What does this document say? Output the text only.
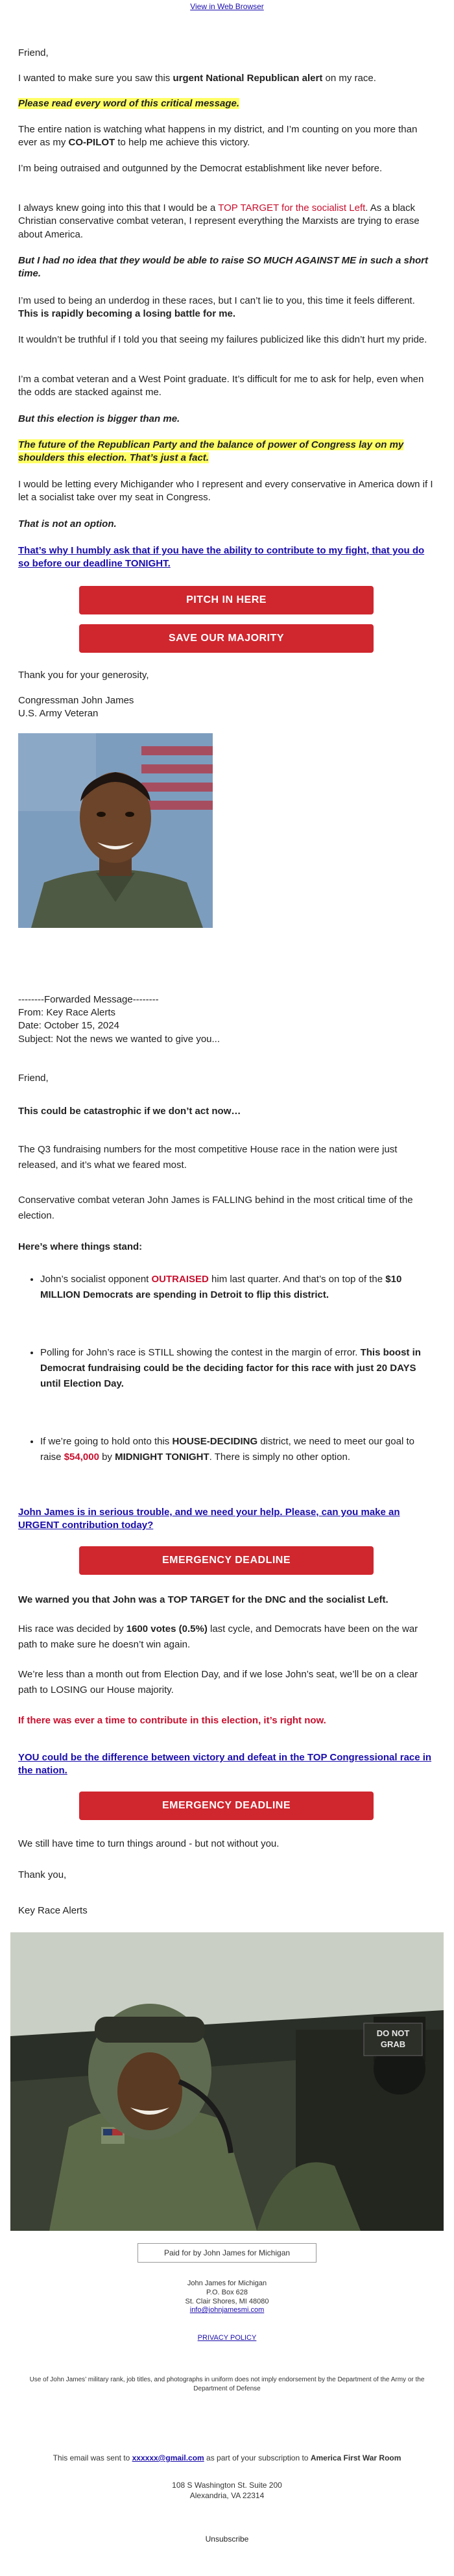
View in Web Browser

Friend,

I wanted to make sure you saw this urgent National Republican alert on my race.

Please read every word of this critical message.

The entire nation is watching what happens in my district, and I’m counting on you more than ever as my CO-PILOT to help me achieve this victory.

I’m being outraised and outgunned by the Democrat establishment like never before.

I always knew going into this that I would be a TOP TARGET for the socialist Left. As a black Christian conservative combat veteran, I represent everything the Marxists are trying to erase about America.

But I had no idea that they would be able to raise SO MUCH AGAINST ME in such a short time.

I’m used to being an underdog in these races, but I can’t lie to you, this time it feels different. This is rapidly becoming a losing battle for me.

It wouldn’t be truthful if I told you that seeing my failures publicized like this didn’t hurt my pride.

I’m a combat veteran and a West Point graduate. It’s difficult for me to ask for help, even when the odds are stacked against me.

But this election is bigger than me.

The future of the Republican Party and the balance of power of Congress lay on my shoulders this election. That’s just a fact.

I would be letting every Michigander who I represent and every conservative in America down if I let a socialist take over my seat in Congress.

That is not an option.

That’s why I humbly ask that if you have the ability to contribute to my fight, that you do so before our deadline TONIGHT.

PITCH IN HERE
SAVE OUR MAJORITY

Thank you for your generosity,

Congressman John James

U.S. Army Veteran

--------Forwarded Message--------

From: Key Race Alerts

Date: October 15, 2024

Subject: Not the news we wanted to give you...

Friend,

This could be catastrophic if we don’t act now…

The Q3 fundraising numbers for the most competitive House race in the nation were just released, and it’s what we feared most.

Conservative combat veteran John James is FALLING behind in the most critical time of the election.

Here’s where things stand:

• John’s socialist opponent OUTRAISED him last quarter. And that’s on top of the $10 MILLION Democrats are spending in Detroit to flip this district.
• Polling for John’s race is STILL showing the contest in the margin of error. This boost in Democrat fundraising could be the deciding factor for this race with just 20 DAYS until Election Day.
• If we’re going to hold onto this HOUSE-DECIDING district, we need to meet our goal to raise $54,000 by MIDNIGHT TONIGHT. There is simply no other option.

John James is in serious trouble, and we need your help. Please, can you make an URGENT contribution today?

EMERGENCY DEADLINE

We warned you that John was a TOP TARGET for the DNC and the socialist Left.

His race was decided by 1600 votes (0.5%) last cycle, and Democrats have been on the war path to make sure he doesn’t win again.

We’re less than a month out from Election Day, and if we lose John’s seat, we’ll be on a clear path to LOSING our House majority.

If there was ever a time to contribute in this election, it’s right now.

YOU could be the difference between victory and defeat in the TOP Congressional race in the nation.

EMERGENCY DEADLINE

We still have time to turn things around - but not without you.

Thank you,

Key Race Alerts

DO NOT
GRAB
Paid for by John James for Michigan
John James for Michigan
P.O. Box 628
St. Clair Shores, MI 48080
info@johnjamesmi.com
PRIVACY POLICY
Use of John James’ military rank, job titles, and photographs in uniform does not imply endorsement by the Department of the Army or the Department of Defense
This email was sent to xxxxxx@gmail.com as part of your subscription to America First War Room
108 S Washington St. Suite 200
Alexandria, VA 22314
Unsubscribe
